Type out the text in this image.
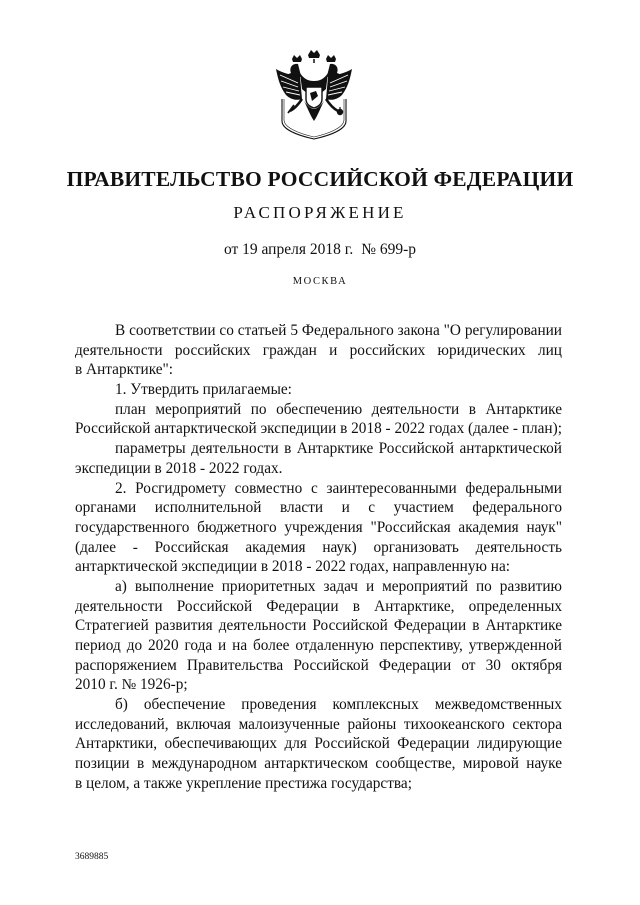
ПРАВИТЕЛЬСТВО РОССИЙСКОЙ ФЕДЕРАЦИИ
РАСПОРЯЖЕНИЕ
от 19 апреля 2018 г. № 699-р
МОСКВА
В соответствии со статьей 5 Федерального закона "О регулировании
деятельности российских граждан и российских юридических лиц
в Антарктике":
1. Утвердить прилагаемые:
план мероприятий по обеспечению деятельности в Антарктике
Российской антарктической экспедиции в 2018 - 2022 годах (далее - план);
параметры деятельности в Антарктике Российской антарктической
экспедиции в 2018 - 2022 годах.
2. Росгидромету совместно с заинтересованными федеральными
органами исполнительной власти и с участием федерального
государственного бюджетного учреждения "Российская академия наук"
(далее - Российская академия наук) организовать деятельность
антарктической экспедиции в 2018 - 2022 годах, направленную на:
а) выполнение приоритетных задач и мероприятий по развитию
деятельности Российской Федерации в Антарктике, определенных
Стратегией развития деятельности Российской Федерации в Антарктике
период до 2020 года и на более отдаленную перспективу, утвержденной
распоряжением Правительства Российской Федерации от 30 октября
2010 г. № 1926-р;
б) обеспечение проведения комплексных межведомственных
исследований, включая малоизученные районы тихоокеанского сектора
Антарктики, обеспечивающих для Российской Федерации лидирующие
позиции в международном антарктическом сообществе, мировой науке
в целом, а также укрепление престижа государства;
3689885
